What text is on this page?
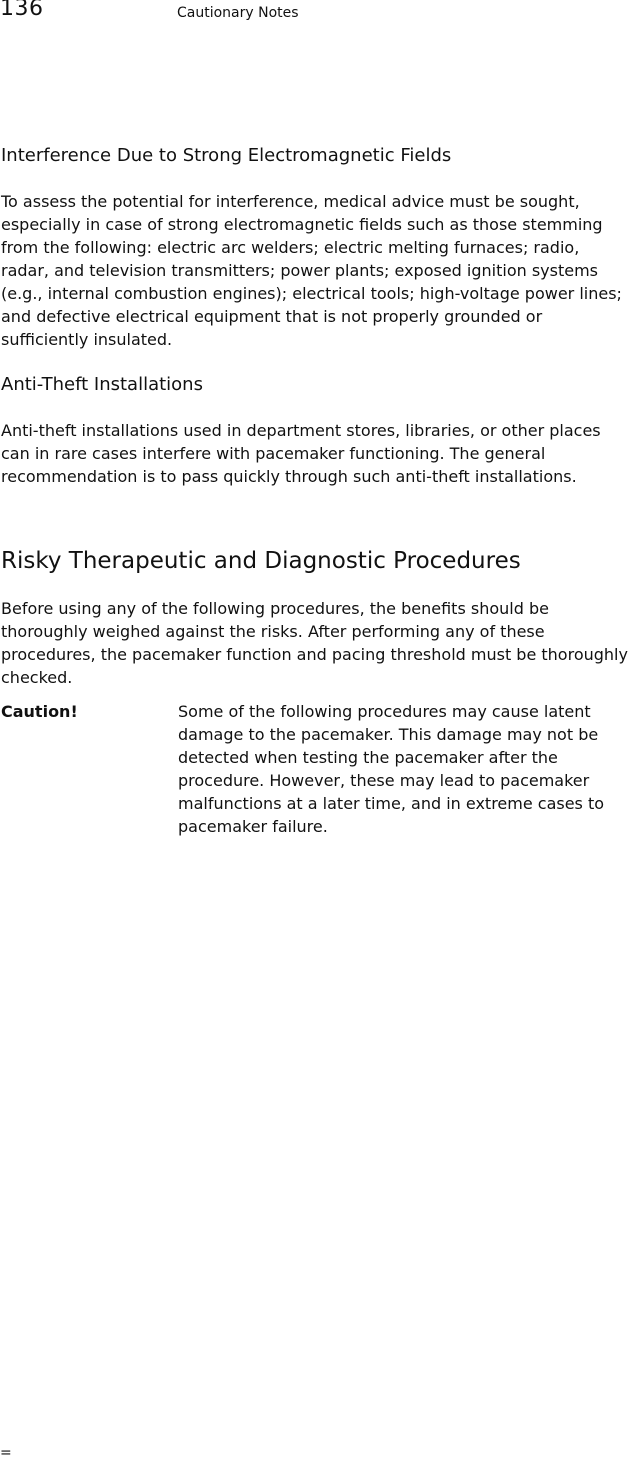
136	Cautionary Notes
Interference Due to Strong Electromagnetic Fields

To assess the potential for interference, medical advice must be sought, especially in case of strong electromagnetic fields such as those stemming from the following: electric arc welders; electric melting furnaces; radio, radar, and television transmitters; power plants; exposed ignition systems (e.g., internal combustion engines); electrical tools; high-voltage power lines; and defective electrical equipment that is not properly grounded or sufficiently insulated.

Anti-Theft Installations

Anti-theft installations used in department stores, libraries, or other places can in rare cases interfere with pacemaker functioning. The general recommendation is to pass quickly through such anti-theft installations.

Risky Therapeutic and Diagnostic Procedures

Before using any of the following procedures, the benefits should be thoroughly weighed against the risks. After performing any of these procedures, the pacemaker function and pacing threshold must be thoroughly checked.

Caution!	Some of the following procedures may cause latent damage to the pacemaker. This damage may not be detected when testing the pacemaker after the procedure. However, these may lead to pacemaker malfunctions at a later time, and in extreme cases to pacemaker failure.

=
